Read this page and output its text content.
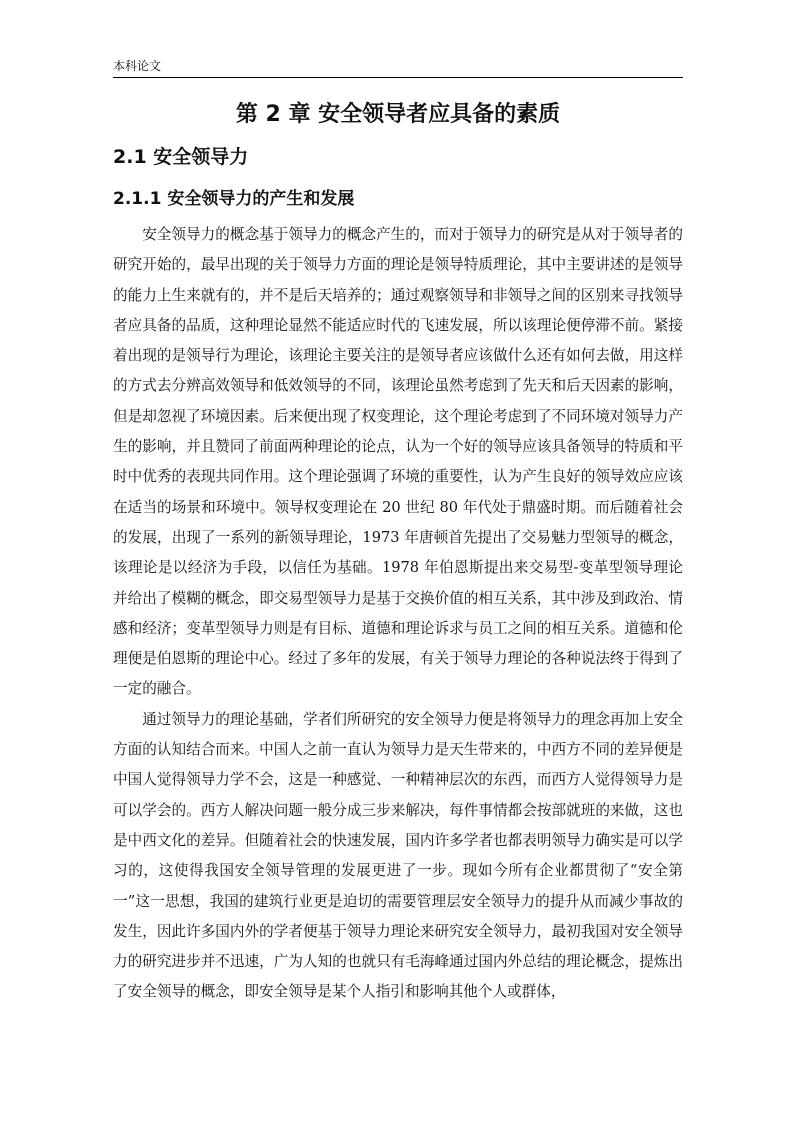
本科论文
第 2 章 安全领导者应具备的素质
2.1 安全领导力
2.1.1 安全领导力的产生和发展

安全领导力的概念基于领导力的概念产生的，而对于领导力的研究是从对于领导者的研究开始的，最早出现的关于领导力方面的理论是领导特质理论，其中主要讲述的是领导的能力上生来就有的，并不是后天培养的；通过观察领导和非领导之间的区别来寻找领导者应具备的品质，这种理论显然不能适应时代的飞速发展，所以该理论便停滞不前。紧接着出现的是领导行为理论，该理论主要关注的是领导者应该做什么还有如何去做，用这样的方式去分辨高效领导和低效领导的不同，该理论虽然考虑到了先天和后天因素的影响，但是却忽视了环境因素。后来便出现了权变理论，这个理论考虑到了不同环境对领导力产生的影响，并且赞同了前面两种理论的论点，认为一个好的领导应该具备领导的特质和平时中优秀的表现共同作用。这个理论强调了环境的重要性，认为产生良好的领导效应应该在适当的场景和环境中。领导权变理论在 20 世纪 80 年代处于鼎盛时期。而后随着社会的发展，出现了一系列的新领导理论，1973 年唐顿首先提出了交易魅力型领导的概念，该理论是以经济为手段，以信任为基础。1978 年伯恩斯提出来交易型-变革型领导理论并给出了模糊的概念，即交易型领导力是基于交换价值的相互关系，其中涉及到政治、情感和经济；变革型领导力则是有目标、道德和理论诉求与员工之间的相互关系。道德和伦理便是伯恩斯的理论中心。经过了多年的发展，有关于领导力理论的各种说法终于得到了一定的融合。

通过领导力的理论基础，学者们所研究的安全领导力便是将领导力的理念再加上安全方面的认知结合而来。中国人之前一直认为领导力是天生带来的，中西方不同的差异便是中国人觉得领导力学不会，这是一种感觉、一种精神层次的东西，而西方人觉得领导力是可以学会的。西方人解决问题一般分成三步来解决，每件事情都会按部就班的来做，这也是中西文化的差异。但随着社会的快速发展，国内许多学者也都表明领导力确实是可以学习的，这使得我国安全领导管理的发展更进了一步。现如今所有企业都贯彻了“安全第一”这一思想，我国的建筑行业更是迫切的需要管理层安全领导力的提升从而减少事故的发生，因此许多国内外的学者便基于领导力理论来研究安全领导力，最初我国对安全领导力的研究进步并不迅速，广为人知的也就只有毛海峰通过国内外总结的理论概念，提炼出了安全领导的概念，即安全领导是某个人指引和影响其他个人或群体，
